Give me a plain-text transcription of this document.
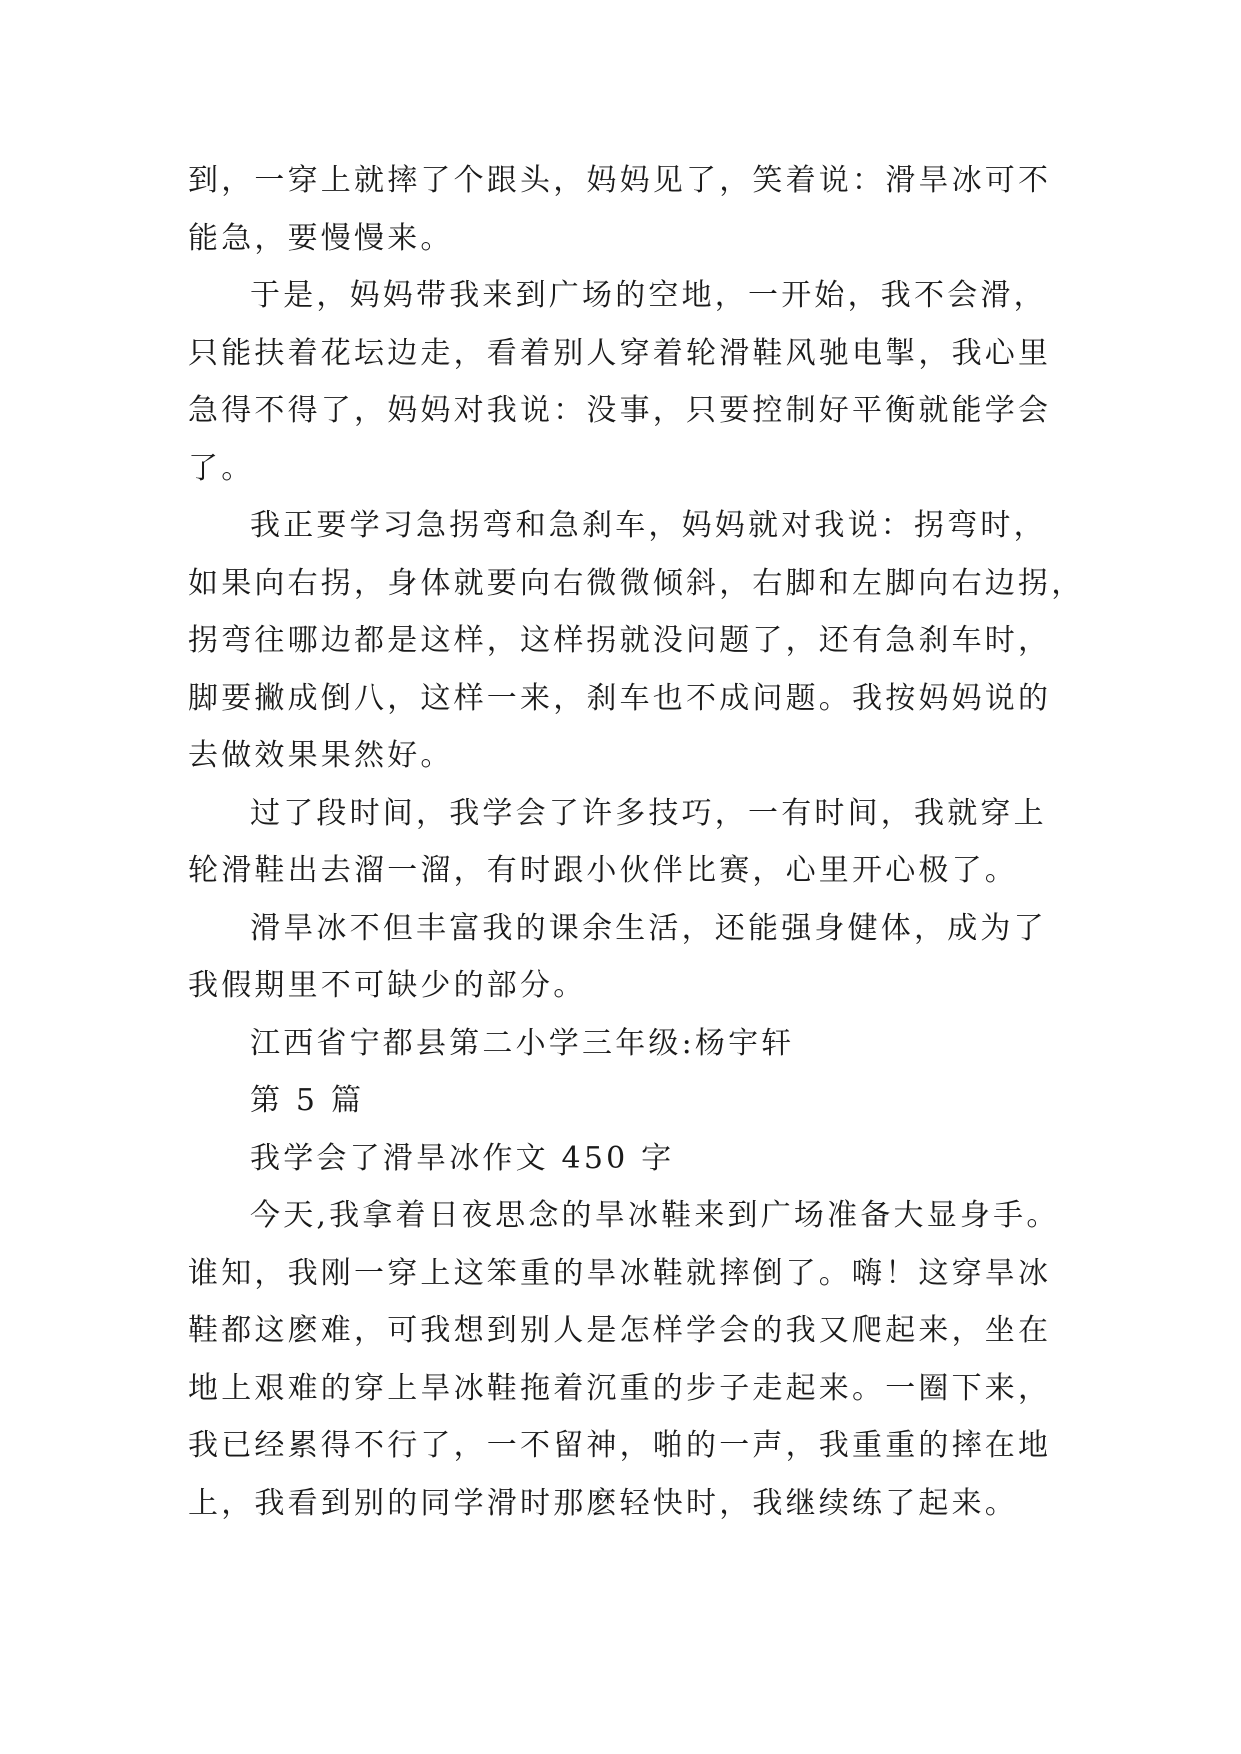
到，一穿上就摔了个跟头，妈妈见了，笑着说：滑旱冰可不
能急，要慢慢来。
于是，妈妈带我来到广场的空地，一开始，我不会滑，
只能扶着花坛边走，看着别人穿着轮滑鞋风驰电掣，我心里
急得不得了，妈妈对我说：没事，只要控制好平衡就能学会
了。
我正要学习急拐弯和急刹车，妈妈就对我说：拐弯时，
如果向右拐，身体就要向右微微倾斜，右脚和左脚向右边拐，
拐弯往哪边都是这样，这样拐就没问题了，还有急刹车时，
脚要撇成倒八，这样一来，刹车也不成问题。我按妈妈说的
去做效果果然好。
过了段时间，我学会了许多技巧，一有时间，我就穿上
轮滑鞋出去溜一溜，有时跟小伙伴比赛，心里开心极了。
滑旱冰不但丰富我的课余生活，还能强身健体，成为了
我假期里不可缺少的部分。
江西省宁都县第二小学三年级:杨宇轩
第 5 篇
我学会了滑旱冰作文 450 字
今天,我拿着日夜思念的旱冰鞋来到广场准备大显身手。
谁知，我刚一穿上这笨重的旱冰鞋就摔倒了。嗨！这穿旱冰
鞋都这麽难，可我想到别人是怎样学会的我又爬起来，坐在
地上艰难的穿上旱冰鞋拖着沉重的步子走起来。一圈下来，
我已经累得不行了，一不留神，啪的一声，我重重的摔在地
上，我看到别的同学滑时那麽轻快时，我继续练了起来。
